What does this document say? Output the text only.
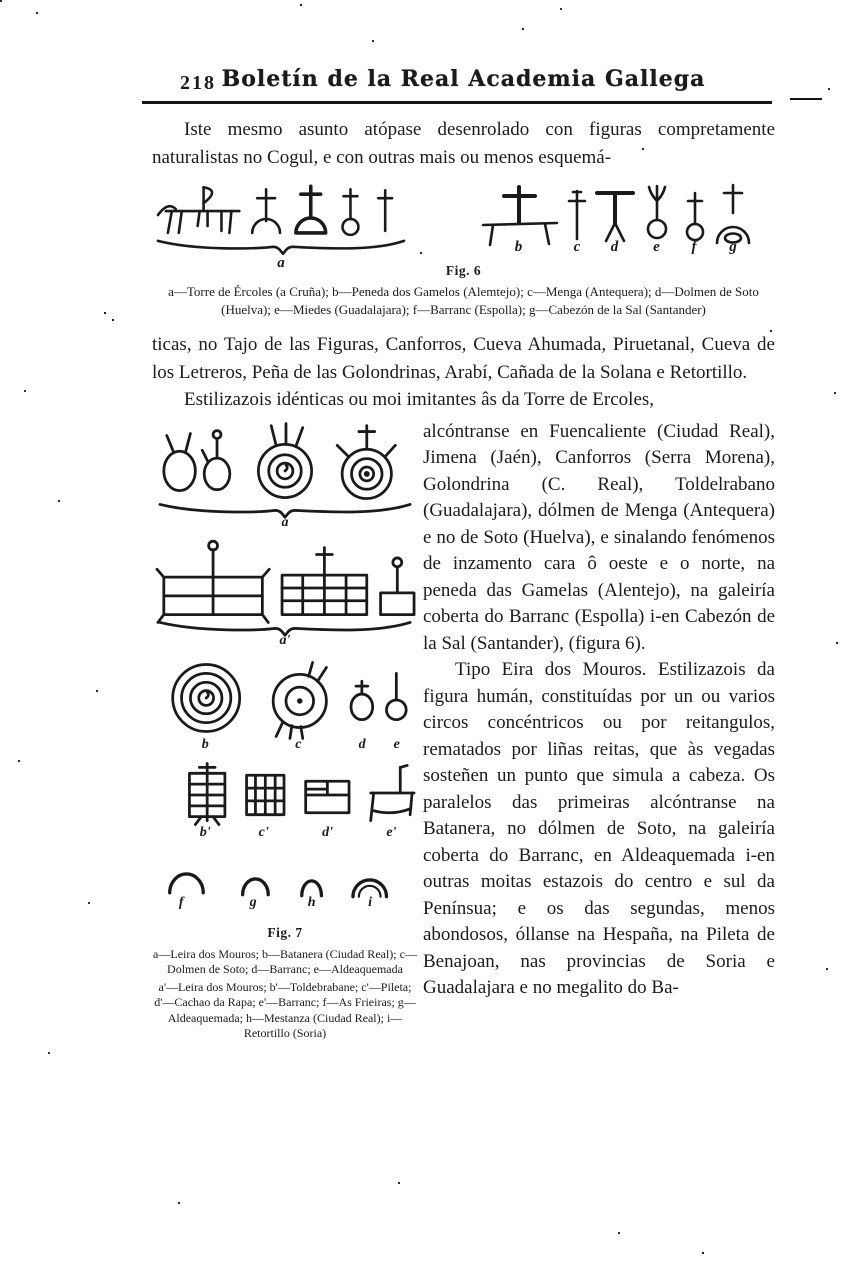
218 Boletín de la Real Academia Gallega

Iste mesmo asunto atópase desenrolado con figuras compretamente naturalistas no Cogul, e con outras mais ou menos esquemá-

a
b	c d e f g
Fig. 6
a—Torre de Ércoles (a Cruña); b—Peneda dos Gamelos (Alemtejo); c—Menga (Antequera); d—Dolmen de Soto (Huelva); e—Miedes (Guadalajara); f—Barranc (Espolla); g—Cabezón de la Sal (Santander)

ticas, no Tajo de las Figuras, Canforros, Cueva Ahumada, Piruetanal, Cueva de los Letreros, Peña de las Golondrinas, Arabí, Cañada de la Solana e Retortillo.

Estilizazois idénticas ou moi imitantes âs da Torre de Ercoles,

a
a'
b	c	d e
b'	c'	d'	e'
f	g	h	i
Fig. 7
a—Leira dos Mouros; b—Batanera (Ciudad Real); c—Dolmen de Soto; d—Barranc; e—Aldeaquemada
a'—Leira dos Mouros; b'—Toldebrabane; c'—Pileta; d'—Cachao da Rapa; e'—Barranc; f—As Frieiras; g—Aldeaquemada; h—Mestanza (Ciudad Real); i—Retortillo (Soria)

alcóntranse en Fuencaliente (Ciudad Real), Jimena (Jaén), Canforros (Serra Morena), Golondrina (C. Real), Toldelrabano (Guadalajara), dólmen de Menga (Antequera) e no de Soto (Huelva), e sinalando fenómenos de inzamento cara ô oeste e o norte, na peneda das Gamelas (Alentejo), na galeiría coberta do Barranc (Espolla) i-en Cabezón de la Sal (Santander), (figura 6).

Tipo Eira dos Mouros. Estilizazois da figura humán, constituídas por un ou varios circos concéntricos ou por reitangulos, rematados por liñas reitas, que às vegadas sosteñen un punto que simula a cabeza. Os paralelos das primeiras alcóntranse na Batanera, no dólmen de Soto, na galeiría coberta do Barranc, en Aldeaquemada i-en outras moitas estazois do centro e sul da Penínsua; e os das segundas, menos abondosos, óllanse na Hespaña, na Pileta de Benajoan, nas provincias de Soria e Guadalajara e no megalito do Ba-
